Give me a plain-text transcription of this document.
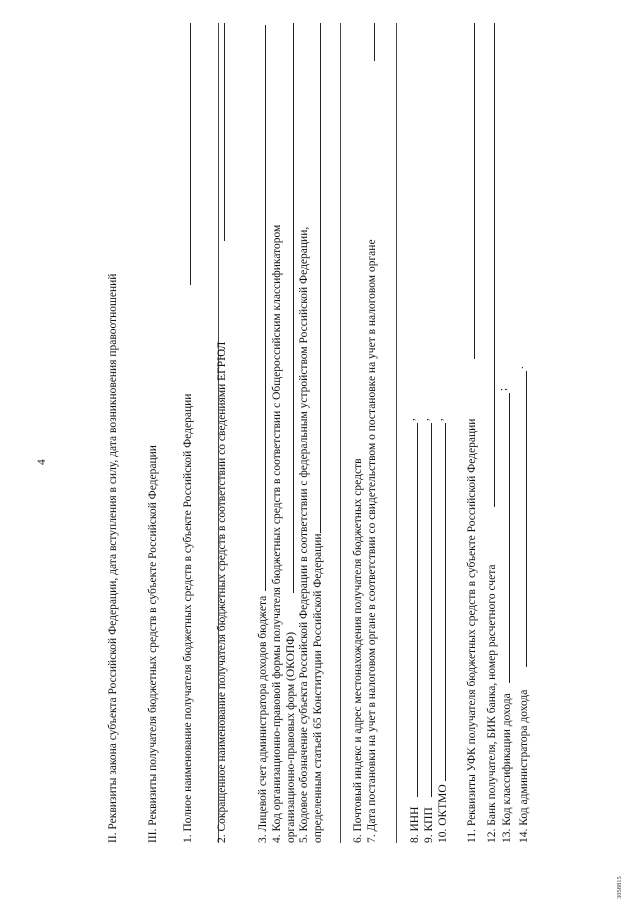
4	II. Реквизиты закона субъекта Российской Федерации, дата вступления в силу, дата возникновения правоотношений III. Реквизиты получателя бюджетных средств в субъекте Российской Федерации 1. Полное наименование получателя бюджетных средств в субъекте Российской Федерации 2. Сокращенное наименование получателя бюджетных средств в соответствии со сведениями ЕГРЮЛ	3. Лицевой счет администратора доходов бюджета 4. Код организационно-правовой формы получателя бюджетных средств в соответствии с Общероссийским классификатором организационно-правовых форм (ОКОПФ) 5. Кодовое обозначение субъекта Российской Федерации в соответствии с федеральным устройством Российской Федерации, определенным статьей 65 Конституции Российской Федерации 6. Почтовый индекс и адрес местонахождения получателя бюджетных средств 7. Дата постановки на учет в налоговом органе в соответствии со свидетельством о постановке на учет в налоговом органе	8. ИНН
,
9. КПП
,
10. ОКТМО
, 11. Реквизиты УФК получателя бюджетных средств в субъекте Российской Федерации 12. Банк получателя, БИК банка, номер расчетного счета 13. Код классификации дохода
;
14. Код администратора дохода
.
3058815
